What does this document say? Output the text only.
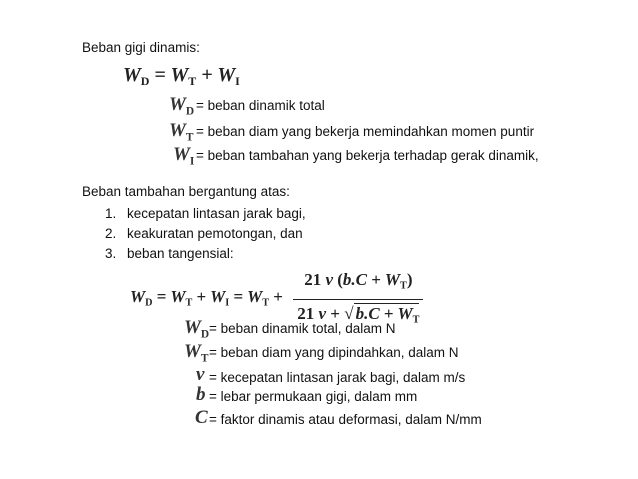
Beban gigi dinamis:
$W_D = W_T + W_I$
$W_D$ = beban dinamik total
$W_T$ = beban diam yang bekerja memindahkan momen puntir
$W_I$ = beban tambahan yang bekerja terhadap gerak dinamik,
Beban tambahan bergantung atas:
1. kecepatan lintasan jarak bagi,
2. keakuratan pemotongan, dan
3. beban tangensial:
$W_D = W_T + W_I = W_T + \frac{21 v (b.C + W_T)}{21 v + √ b.C + W_T}$
$W_D$ = beban dinamik total, dalam N
$W_T$ = beban diam yang dipindahkan, dalam N
v = kecepatan lintasan jarak bagi, dalam m/s
b = lebar permukaan gigi, dalam mm
C = faktor dinamis atau deformasi, dalam N/mm
